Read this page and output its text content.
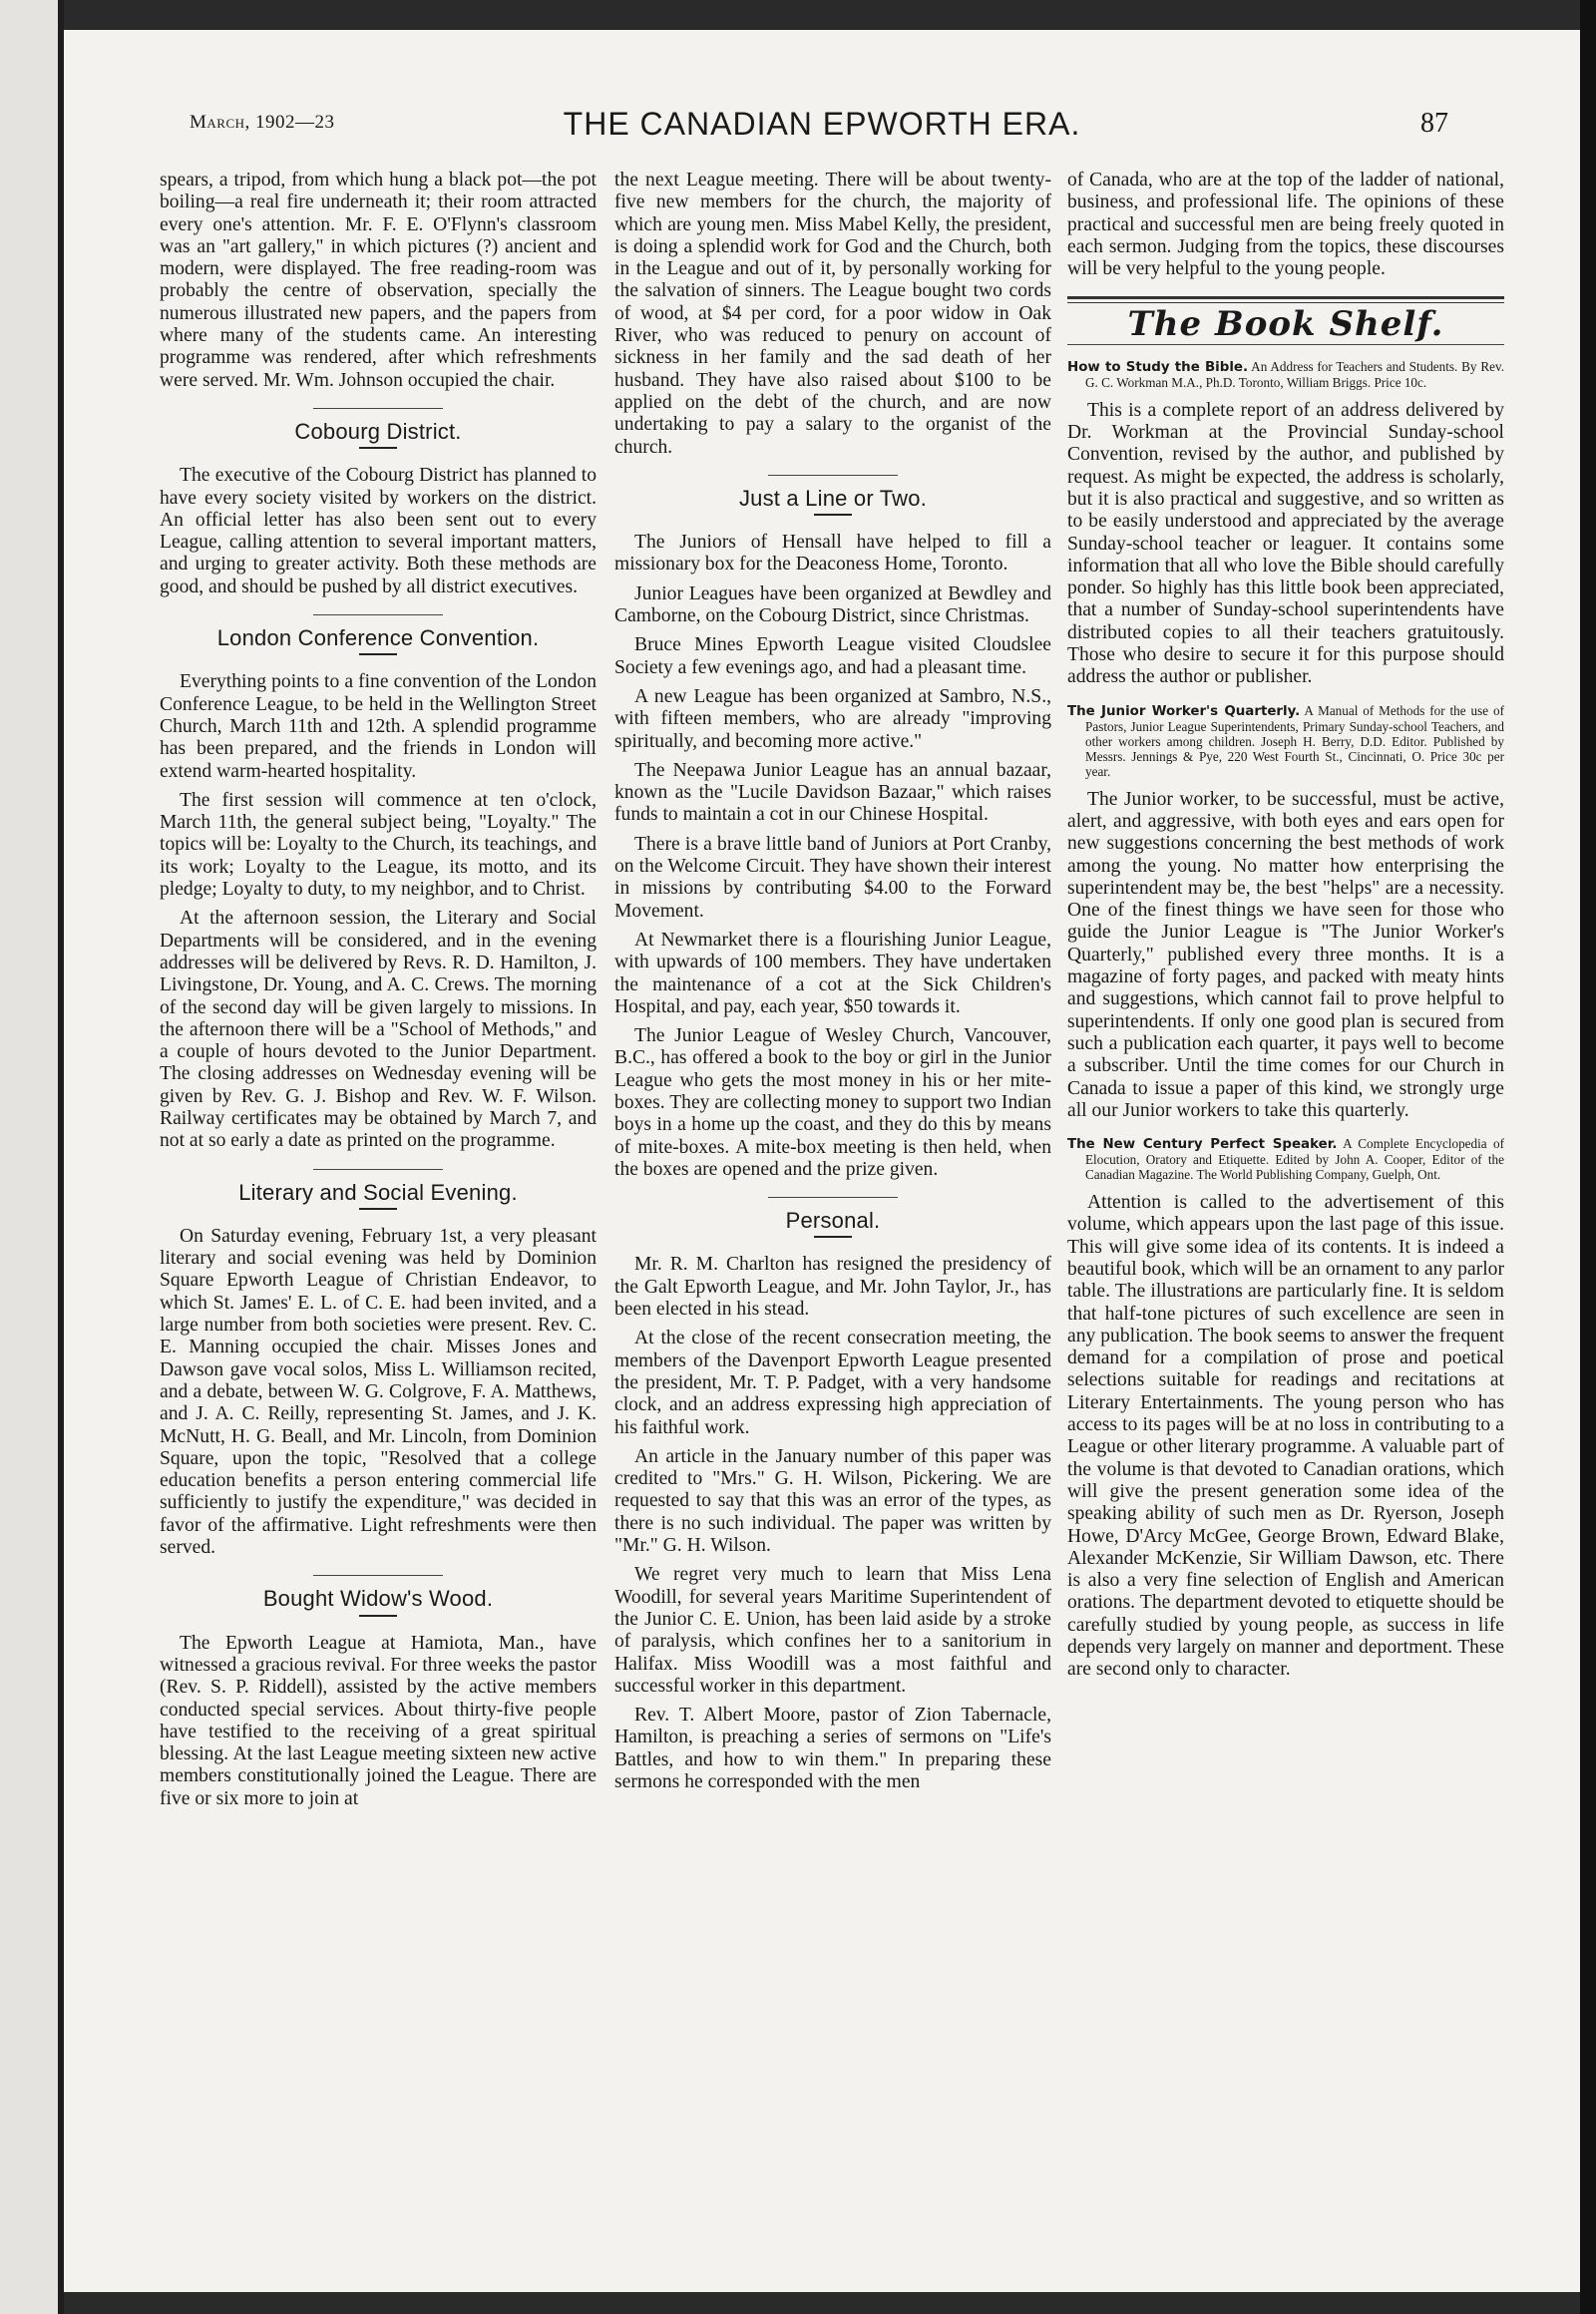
March, 1902—23	THE CANADIAN EPWORTH ERA.	87

spears, a tripod, from which hung a black pot—the pot boiling—a real fire underneath it; their room attracted every one's attention. Mr. F. E. O'Flynn's classroom was an "art gallery," in which pictures (?) ancient and modern, were displayed. The free reading-room was probably the centre of observation, specially the numerous illustrated new papers, and the papers from where many of the students came. An interesting programme was rendered, after which refreshments were served. Mr. Wm. Johnson occupied the chair.

Cobourg District.

The executive of the Cobourg District has planned to have every society visited by workers on the district. An official letter has also been sent out to every League, calling attention to several important matters, and urging to greater activity. Both these methods are good, and should be pushed by all district executives.

London Conference Convention.

Everything points to a fine convention of the London Conference League, to be held in the Wellington Street Church, March 11th and 12th. A splendid programme has been prepared, and the friends in London will extend warm-hearted hospitality.

The first session will commence at ten o'clock, March 11th, the general subject being, "Loyalty." The topics will be: Loyalty to the Church, its teachings, and its work; Loyalty to the League, its motto, and its pledge; Loyalty to duty, to my neighbor, and to Christ.

At the afternoon session, the Literary and Social Departments will be considered, and in the evening addresses will be delivered by Revs. R. D. Hamilton, J. Livingstone, Dr. Young, and A. C. Crews. The morning of the second day will be given largely to missions. In the afternoon there will be a "School of Methods," and a couple of hours devoted to the Junior Department. The closing addresses on Wednesday evening will be given by Rev. G. J. Bishop and Rev. W. F. Wilson. Railway certificates may be obtained by March 7, and not at so early a date as printed on the programme.

Literary and Social Evening.

On Saturday evening, February 1st, a very pleasant literary and social evening was held by Dominion Square Epworth League of Christian Endeavor, to which St. James' E. L. of C. E. had been invited, and a large number from both societies were present. Rev. C. E. Manning occupied the chair. Misses Jones and Dawson gave vocal solos, Miss L. Williamson recited, and a debate, between W. G. Colgrove, F. A. Matthews, and J. A. C. Reilly, representing St. James, and J. K. McNutt, H. G. Beall, and Mr. Lincoln, from Dominion Square, upon the topic, "Resolved that a college education benefits a person entering commercial life sufficiently to justify the expenditure," was decided in favor of the affirmative. Light refreshments were then served.

Bought Widow's Wood.

The Epworth League at Hamiota, Man., have witnessed a gracious revival. For three weeks the pastor (Rev. S. P. Riddell), assisted by the active members conducted special services. About thirty-five people have testified to the receiving of a great spiritual blessing. At the last League meeting sixteen new active members constitutionally joined the League. There are five or six more to join at

the next League meeting. There will be about twenty-five new members for the church, the majority of which are young men. Miss Mabel Kelly, the president, is doing a splendid work for God and the Church, both in the League and out of it, by personally working for the salvation of sinners. The League bought two cords of wood, at $4 per cord, for a poor widow in Oak River, who was reduced to penury on account of sickness in her family and the sad death of her husband. They have also raised about $100 to be applied on the debt of the church, and are now undertaking to pay a salary to the organist of the church.

Just a Line or Two.

The Juniors of Hensall have helped to fill a missionary box for the Deaconess Home, Toronto.

Junior Leagues have been organized at Bewdley and Camborne, on the Cobourg District, since Christmas.

Bruce Mines Epworth League visited Cloudslee Society a few evenings ago, and had a pleasant time.

A new League has been organized at Sambro, N.S., with fifteen members, who are already "improving spiritually, and becoming more active."

The Neepawa Junior League has an annual bazaar, known as the "Lucile Davidson Bazaar," which raises funds to maintain a cot in our Chinese Hospital.

There is a brave little band of Juniors at Port Cranby, on the Welcome Circuit. They have shown their interest in missions by contributing $4.00 to the Forward Movement.

At Newmarket there is a flourishing Junior League, with upwards of 100 members. They have undertaken the maintenance of a cot at the Sick Children's Hospital, and pay, each year, $50 towards it.

The Junior League of Wesley Church, Vancouver, B.C., has offered a book to the boy or girl in the Junior League who gets the most money in his or her mite-boxes. They are collecting money to support two Indian boys in a home up the coast, and they do this by means of mite-boxes. A mite-box meeting is then held, when the boxes are opened and the prize given.

Personal.

Mr. R. M. Charlton has resigned the presidency of the Galt Epworth League, and Mr. John Taylor, Jr., has been elected in his stead.

At the close of the recent consecration meeting, the members of the Davenport Epworth League presented the president, Mr. T. P. Padget, with a very handsome clock, and an address expressing high appreciation of his faithful work.

An article in the January number of this paper was credited to "Mrs." G. H. Wilson, Pickering. We are requested to say that this was an error of the types, as there is no such individual. The paper was written by "Mr." G. H. Wilson.

We regret very much to learn that Miss Lena Woodill, for several years Maritime Superintendent of the Junior C. E. Union, has been laid aside by a stroke of paralysis, which confines her to a sanitorium in Halifax. Miss Woodill was a most faithful and successful worker in this department.

Rev. T. Albert Moore, pastor of Zion Tabernacle, Hamilton, is preaching a series of sermons on "Life's Battles, and how to win them." In preparing these sermons he corresponded with the men

of Canada, who are at the top of the ladder of national, business, and professional life. The opinions of these practical and successful men are being freely quoted in each sermon. Judging from the topics, these discourses will be very helpful to the young people.

The Book Shelf.
How to Study the Bible. An Address for Teachers and Students. By Rev. G. C. Workman M.A., Ph.D. Toronto, William Briggs. Price 10c.

This is a complete report of an address delivered by Dr. Workman at the Provincial Sunday-school Convention, revised by the author, and published by request. As might be expected, the address is scholarly, but it is also practical and suggestive, and so written as to be easily understood and appreciated by the average Sunday-school teacher or leaguer. It contains some information that all who love the Bible should carefully ponder. So highly has this little book been appreciated, that a number of Sunday-school superintendents have distributed copies to all their teachers gratuitously. Those who desire to secure it for this purpose should address the author or publisher.

The Junior Worker's Quarterly. A Manual of Methods for the use of Pastors, Junior League Superintendents, Primary Sunday-school Teachers, and other workers among children. Joseph H. Berry, D.D. Editor. Published by Messrs. Jennings & Pye, 220 West Fourth St., Cincinnati, O. Price 30c per year.

The Junior worker, to be successful, must be active, alert, and aggressive, with both eyes and ears open for new suggestions concerning the best methods of work among the young. No matter how enterprising the superintendent may be, the best "helps" are a necessity. One of the finest things we have seen for those who guide the Junior League is "The Junior Worker's Quarterly," published every three months. It is a magazine of forty pages, and packed with meaty hints and suggestions, which cannot fail to prove helpful to superintendents. If only one good plan is secured from such a publication each quarter, it pays well to become a subscriber. Until the time comes for our Church in Canada to issue a paper of this kind, we strongly urge all our Junior workers to take this quarterly.

The New Century Perfect Speaker. A Complete Encyclopedia of Elocution, Oratory and Etiquette. Edited by John A. Cooper, Editor of the Canadian Magazine. The World Publishing Company, Guelph, Ont.

Attention is called to the advertisement of this volume, which appears upon the last page of this issue. This will give some idea of its contents. It is indeed a beautiful book, which will be an ornament to any parlor table. The illustrations are particularly fine. It is seldom that half-tone pictures of such excellence are seen in any publication. The book seems to answer the frequent demand for a compilation of prose and poetical selections suitable for readings and recitations at Literary Entertainments. The young person who has access to its pages will be at no loss in contributing to a League or other literary programme. A valuable part of the volume is that devoted to Canadian orations, which will give the present generation some idea of the speaking ability of such men as Dr. Ryerson, Joseph Howe, D'Arcy McGee, George Brown, Edward Blake, Alexander McKenzie, Sir William Dawson, etc. There is also a very fine selection of English and American orations. The department devoted to etiquette should be carefully studied by young people, as success in life depends very largely on manner and deportment. These are second only to character.
